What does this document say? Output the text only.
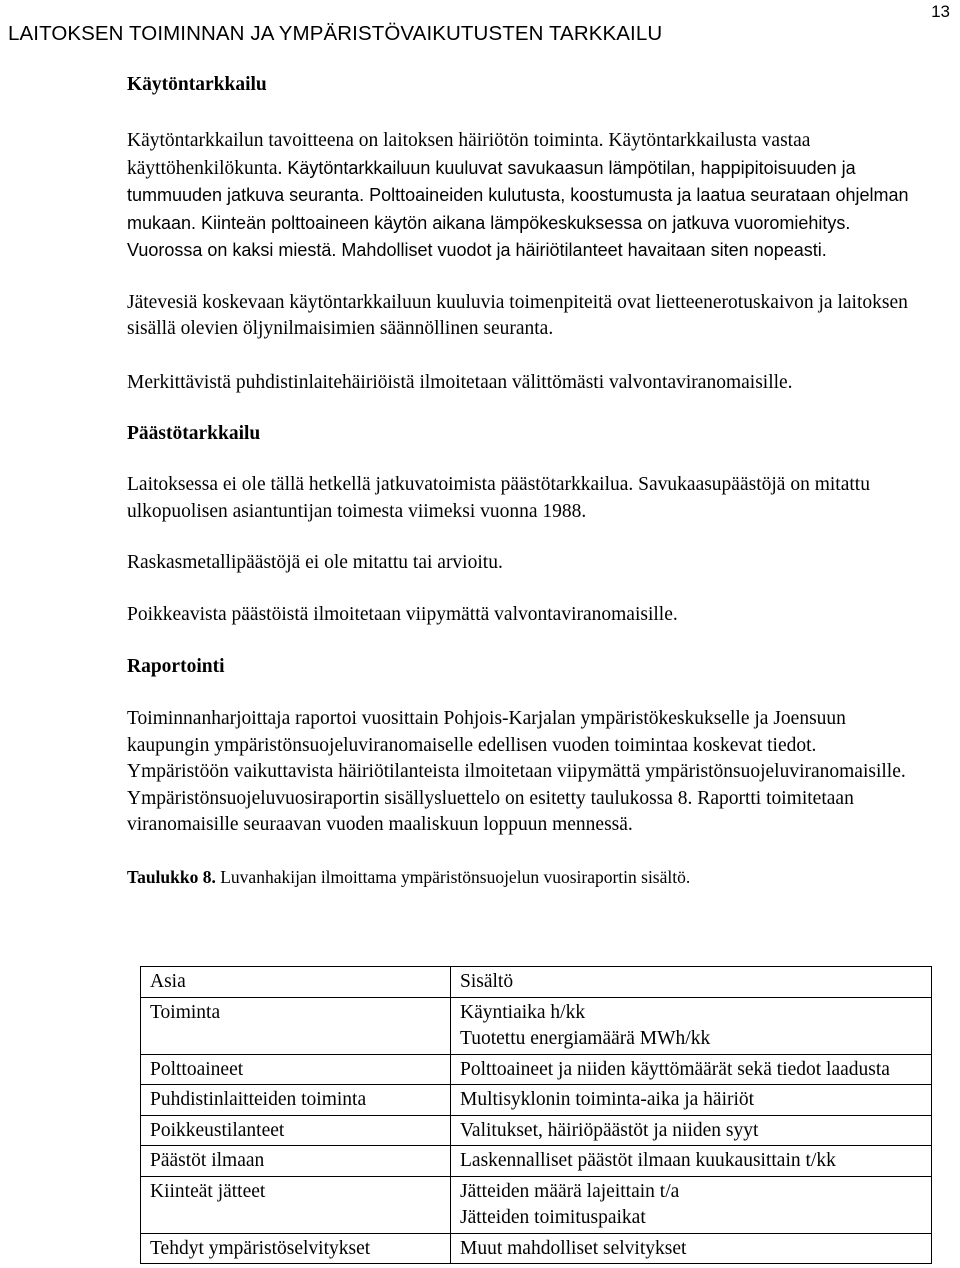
13
LAITOKSEN TOIMINNAN JA YMPÄRISTÖVAIKUTUSTEN TARKKAILU
Käytöntarkkailu

Käytöntarkkailun tavoitteena on laitoksen häiriötön toiminta. Käytöntarkkailusta vastaa käyttöhenkilökunta. Käytöntarkkailuun kuuluvat savukaasun lämpötilan, happipitoisuuden ja tummuuden jatkuva seuranta. Polttoaineiden kulutusta, koostumusta ja laatua seurataan ohjelman mukaan. Kiinteän polttoaineen käytön aikana lämpökeskuksessa on jatkuva vuoromiehitys. Vuorossa on kaksi miestä. Mahdolliset vuodot ja häiriötilanteet havaitaan siten nopeasti.

Jätevesiä koskevaan käytöntarkkailuun kuuluvia toimenpiteitä ovat lietteenerotuskaivon ja laitoksen sisällä olevien öljynilmaisimien säännöllinen seuranta.

Merkittävistä puhdistinlaitehäiriöistä ilmoitetaan välittömästi valvontaviranomaisille.

Päästötarkkailu

Laitoksessa ei ole tällä hetkellä jatkuvatoimista päästötarkkailua. Savukaasupäästöjä on mitattu ulkopuolisen asiantuntijan toimesta viimeksi vuonna 1988.

Raskasmetallipäästöjä ei ole mitattu tai arvioitu.

Poikkeavista päästöistä ilmoitetaan viipymättä valvontaviranomaisille.

Raportointi

Toiminnanharjoittaja raportoi vuosittain Pohjois-Karjalan ympäristökeskukselle ja Joensuun kaupungin ympäristönsuojeluviranomaiselle edellisen vuoden toimintaa koskevat tiedot. Ympäristöön vaikuttavista häiriötilanteista ilmoitetaan viipymättä ympäristönsuojeluviranomaisille. Ympäristönsuojeluvuosiraportin sisällysluettelo on esitetty taulukossa 8. Raportti toimitetaan viranomaisille seuraavan vuoden maaliskuun loppuun mennessä.

Taulukko 8. Luvanhakijan ilmoittama ympäristönsuojelun vuosiraportin sisältö.

Asia	Sisältö
Toiminta	Käyntiaika h/kk
Tuotettu energiamäärä MWh/kk

Polttoaineet	Polttoaineet ja niiden käyttömäärät sekä tiedot laadusta

Puhdistinlaitteiden toiminta	Multisyklonin toiminta-aika ja häiriöt

Poikkeustilanteet	Valitukset, häiriöpäästöt ja niiden syyt

Päästöt ilmaan	Laskennalliset päästöt ilmaan kuukausittain t/kk

Kiinteät jätteet	Jätteiden määrä lajeittain t/a
Jätteiden toimituspaikat

Tehdyt ympäristöselvitykset	Muut mahdolliset selvitykset
